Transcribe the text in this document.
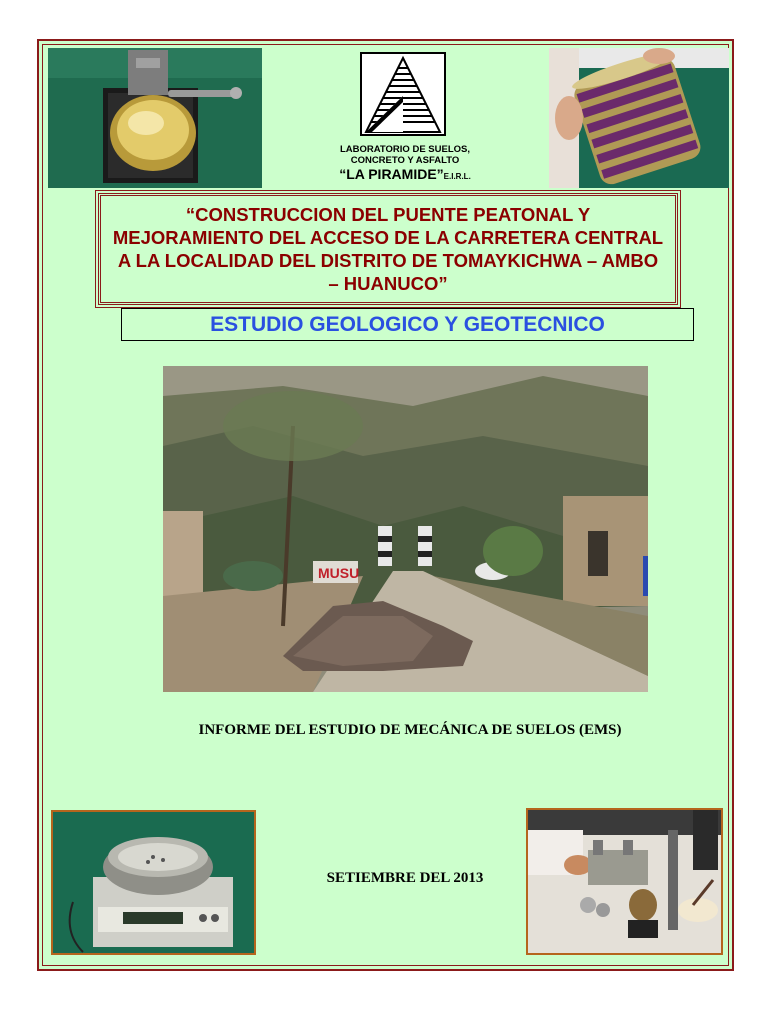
LABORATORIO DE SUELOS,
CONCRETO Y ASFALTO
“LA PIRAMIDE”E.I.R.L.
“CONSTRUCCION DEL PUENTE PEATONAL Y MEJORAMIENTO DEL ACCESO DE LA CARRETERA CENTRAL A LA LOCALIDAD DEL DISTRITO DE TOMAYKICHWA – AMBO – HUANUCO”
ESTUDIO GEOLOGICO Y GEOTECNICO
MUSU
INFORME DEL ESTUDIO DE MECÁNICA DE SUELOS (EMS)
SETIEMBRE DEL 2013
